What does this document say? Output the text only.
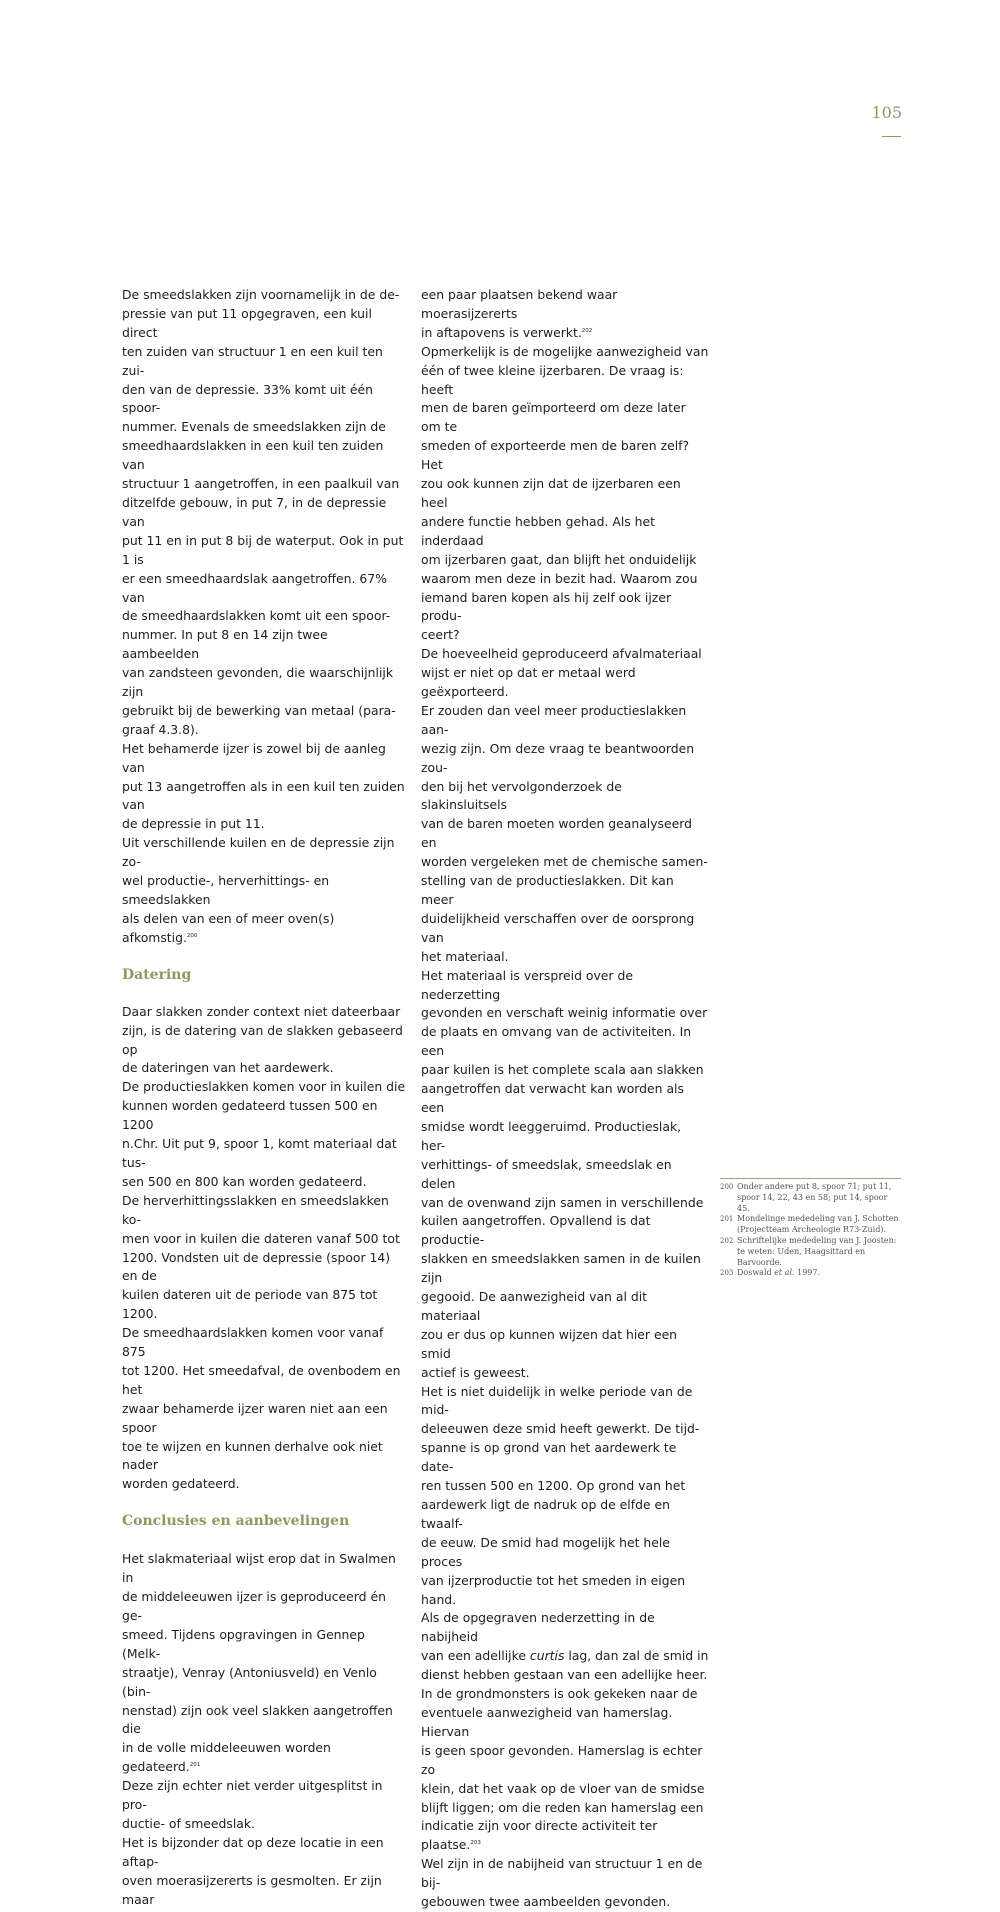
105

De smeedslakken zijn voornamelijk in de de-
pressie van put 11 opgegraven, een kuil direct
ten zuiden van structuur 1 en een kuil ten zui-
den van de depressie. 33% komt uit één spoor-
nummer. Evenals de smeedslakken zijn de
smeedhaardslakken in een kuil ten zuiden van
structuur 1 aangetroffen, in een paalkuil van
ditzelfde gebouw, in put 7, in de depressie van
put 11 en in put 8 bij de waterput. Ook in put 1 is
er een smeedhaardslak aangetroffen. 67% van
de smeedhaardslakken komt uit een spoor-
nummer. In put 8 en 14 zijn twee aambeelden
van zandsteen gevonden, die waarschijnlijk zijn
gebruikt bij de bewerking van metaal (para-
graaf 4.3.8).

Het behamerde ijzer is zowel bij de aanleg van
put 13 aangetroffen als in een kuil ten zuiden van
de depressie in put 11.

Uit verschillende kuilen en de depressie zijn zo-
wel productie-, herverhittings- en smeedslakken
als delen van een of meer oven(s) afkomstig.$^{200}$

Datering

Daar slakken zonder context niet dateerbaar
zijn, is de datering van de slakken gebaseerd op
de dateringen van het aardewerk.

De productieslakken komen voor in kuilen die
kunnen worden gedateerd tussen 500 en 1200
n.Chr. Uit put 9, spoor 1, komt materiaal dat tus-
sen 500 en 800 kan worden gedateerd.

De herverhittingsslakken en smeedslakken ko-
men voor in kuilen die dateren vanaf 500 tot
1200. Vondsten uit de depressie (spoor 14) en de
kuilen dateren uit de periode van 875 tot 1200.
De smeedhaardslakken komen voor vanaf 875
tot 1200. Het smeedafval, de ovenbodem en het
zwaar behamerde ijzer waren niet aan een spoor
toe te wijzen en kunnen derhalve ook niet nader
worden gedateerd.

Conclusies en aanbevelingen

Het slakmateriaal wijst erop dat in Swalmen in
de middeleeuwen ijzer is geproduceerd én ge-
smeed. Tijdens opgravingen in Gennep (Melk-
straatje), Venray (Antoniusveld) en Venlo (bin-
nenstad) zijn ook veel slakken aangetroffen die
in de volle middeleeuwen worden gedateerd.$^{201}$

Deze zijn echter niet verder uitgesplitst in pro-
ductie- of smeedslak.

Het is bijzonder dat op deze locatie in een aftap-
oven moerasijzererts is gesmolten. Er zijn maar

een paar plaatsen bekend waar moerasijzererts
in aftapovens is verwerkt.$^{202}$

Opmerkelijk is de mogelijke aanwezigheid van
één of twee kleine ijzerbaren. De vraag is: heeft
men de baren geïmporteerd om deze later om te
smeden of exporteerde men de baren zelf? Het
zou ook kunnen zijn dat de ijzerbaren een heel
andere functie hebben gehad. Als het inderdaad
om ijzerbaren gaat, dan blijft het onduidelijk
waarom men deze in bezit had. Waarom zou
iemand baren kopen als hij zelf ook ijzer produ-
ceert?

De hoeveelheid geproduceerd afvalmateriaal
wijst er niet op dat er metaal werd geëxporteerd.
Er zouden dan veel meer productieslakken aan-
wezig zijn. Om deze vraag te beantwoorden zou-
den bij het vervolgonderzoek de slakinsluitsels
van de baren moeten worden geanalyseerd en
worden vergeleken met de chemische samen-
stelling van de productieslakken. Dit kan meer
duidelijkheid verschaffen over de oorsprong van
het materiaal.

Het materiaal is verspreid over de nederzetting
gevonden en verschaft weinig informatie over
de plaats en omvang van de activiteiten. In een
paar kuilen is het complete scala aan slakken
aangetroffen dat verwacht kan worden als een
smidse wordt leeggeruimd. Productieslak, her-
verhittings- of smeedslak, smeedslak en delen
van de ovenwand zijn samen in verschillende
kuilen aangetroffen. Opvallend is dat productie-
slakken en smeedslakken samen in de kuilen zijn
gegooid. De aanwezigheid van al dit materiaal
zou er dus op kunnen wijzen dat hier een smid
actief is geweest.

Het is niet duidelijk in welke periode van de mid-
deleeuwen deze smid heeft gewerkt. De tijd-
spanne is op grond van het aardewerk te date-
ren tussen 500 en 1200. Op grond van het
aardewerk ligt de nadruk op de elfde en twaalf-
de eeuw. De smid had mogelijk het hele proces
van ijzerproductie tot het smeden in eigen hand.

Als de opgegraven nederzetting in de nabijheid
van een adellijke curtis lag, dan zal de smid in
dienst hebben gestaan van een adellijke heer.

In de grondmonsters is ook gekeken naar de
eventuele aanwezigheid van hamerslag. Hiervan
is geen spoor gevonden. Hamerslag is echter zo
klein, dat het vaak op de vloer van de smidse
blijft liggen; om die reden kan hamerslag een
indicatie zijn voor directe activiteit ter plaatse.$^{203}$

Wel zijn in de nabijheid van structuur 1 en de bij-
gebouwen twee aambeelden gevonden.

200 Onder andere put 8, spoor 71; put 11,
spoor 14, 22, 43 en 58; put 14, spoor 45.
201 Mondelinge mededeling van J. Schotten
(Projectteam Archeologie R73-Zuid).
202 Schriftelijke mededeling van J. Joosten:
te weten: Uden, Haagsittard en
Barvoorde.
203 Doswald et al. 1997.
